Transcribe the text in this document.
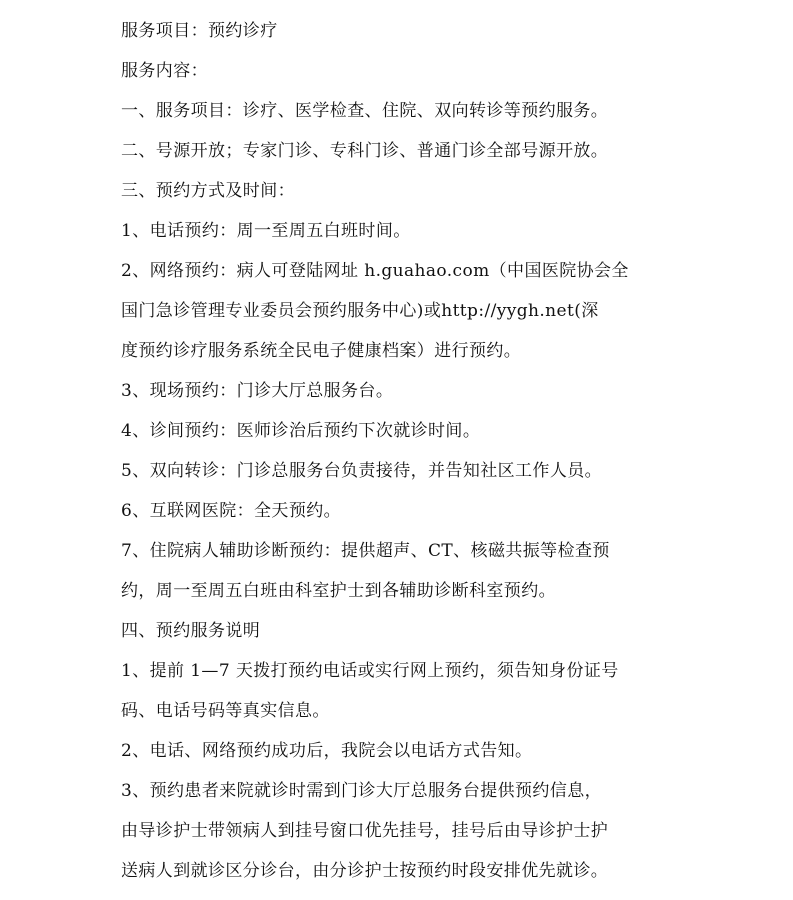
服务项目：预约诊疗
服务内容：
一、服务项目：诊疗、医学检查、住院、双向转诊等预约服务。
二、号源开放；专家门诊、专科门诊、普通门诊全部号源开放。
三、预约方式及时间：
1、电话预约：周一至周五白班时间。
2、网络预约：病人可登陆网址 h.guahao.com（中国医院协会全
国门急诊管理专业委员会预约服务中心)或http://yygh.net(深
度预约诊疗服务系统全民电子健康档案）进行预约。
3、现场预约：门诊大厅总服务台。
4、诊间预约：医师诊治后预约下次就诊时间。
5、双向转诊：门诊总服务台负责接待，并告知社区工作人员。
6、互联网医院：全天预约。
7、住院病人辅助诊断预约：提供超声、CT、核磁共振等检查预
约，周一至周五白班由科室护士到各辅助诊断科室预约。
四、预约服务说明
1、提前 1—7 天拨打预约电话或实行网上预约，须告知身份证号
码、电话号码等真实信息。
2、电话、网络预约成功后，我院会以电话方式告知。
3、预约患者来院就诊时需到门诊大厅总服务台提供预约信息，
由导诊护士带领病人到挂号窗口优先挂号，挂号后由导诊护士护
送病人到就诊区分诊台，由分诊护士按预约时段安排优先就诊。
